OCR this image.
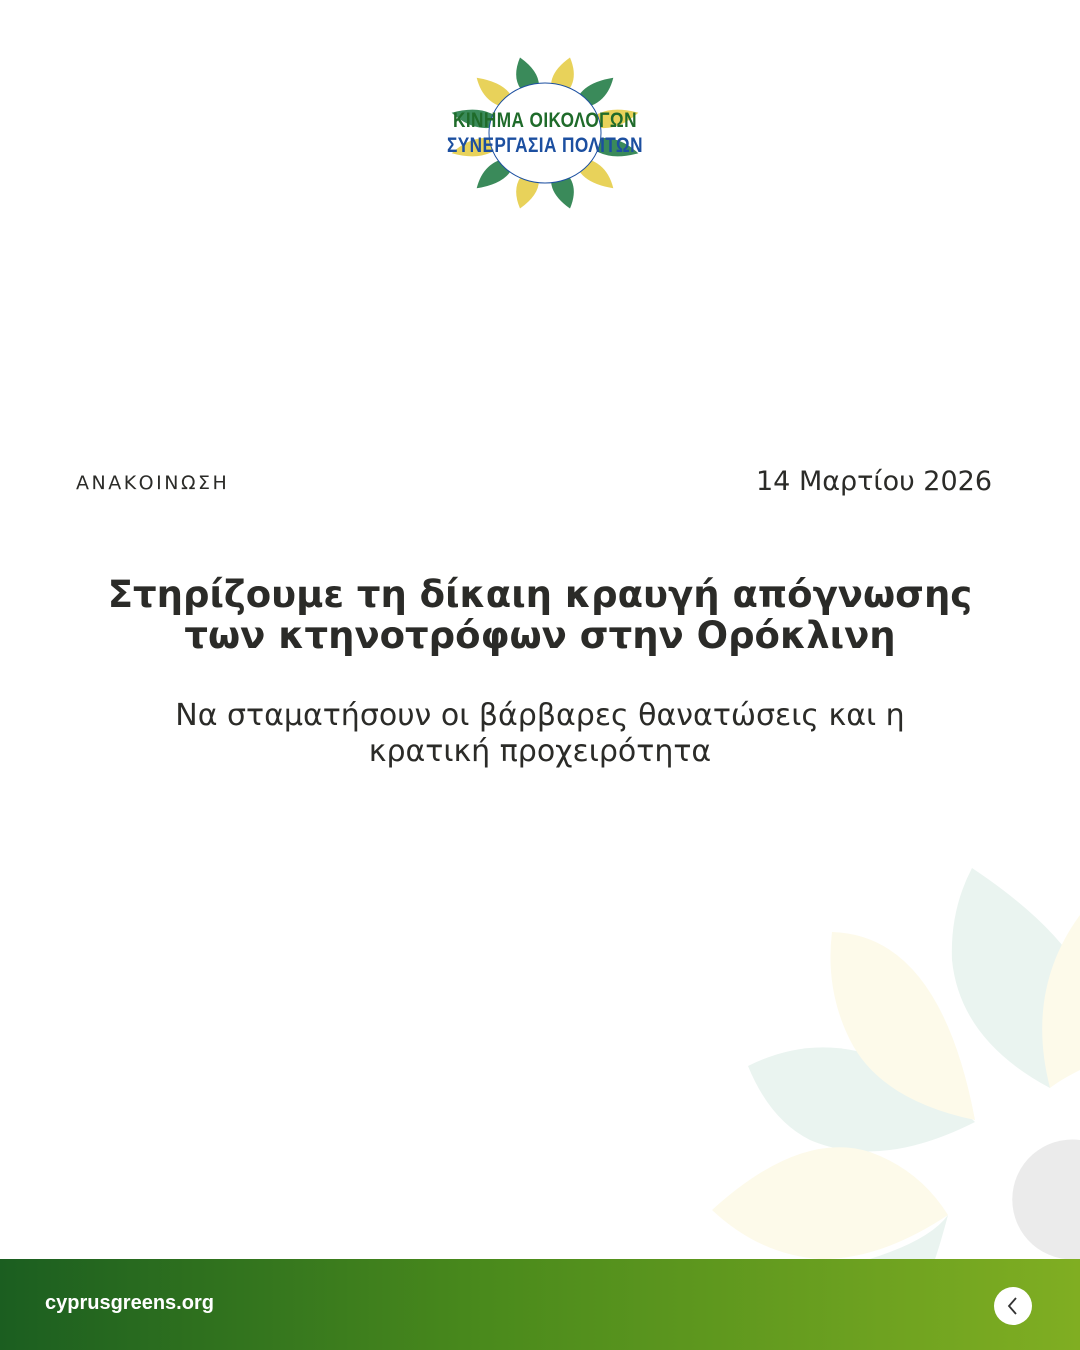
ΚΙΝΗΜΑ ΟΙΚΟΛΟΓΩΝ
ΣΥΝΕΡΓΑΣΙΑ ΠΟΛΙΤΩΝ
ΑΝΑΚΟΙΝΩΣΗ	14 Μαρτίου 2026
Στηρίζουμε τη δίκαιη κραυγή απόγνωσης
των κτηνοτρόφων στην Ορόκλινη
Να σταματήσουν οι βάρβαρες θανατώσεις και η
κρατική προχειρότητα
cyprusgreens.org
